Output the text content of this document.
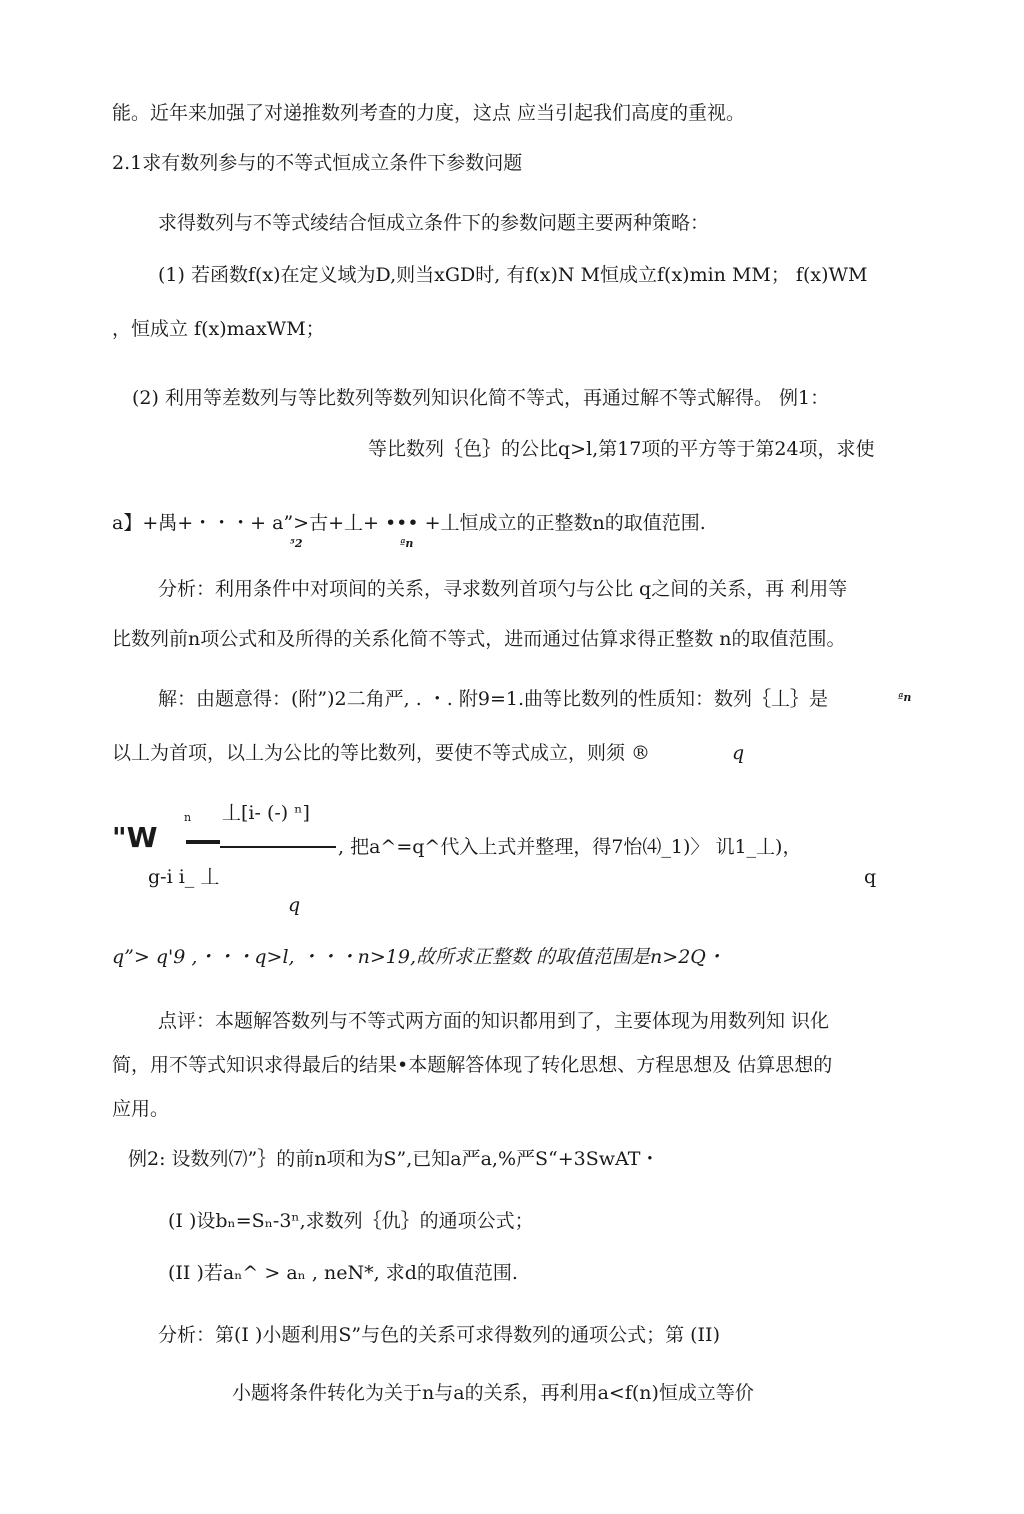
能。近年来加强了对递推数列考查的力度，这点 应当引起我们高度的重视。
2.1求有数列参与的不等式恒成立条件下参数问题
求得数列与不等式绫结合恒成立条件下的参数问题主要两种策略：
(1) 若函数f(x)在定义域为D,则当xGD时, 有f(x)N M恒成立f(x)min MM； f(x)WM
，恒成立 f(x)maxWM；
(2) 利用等差数列与等比数列等数列知识化简不等式，再通过解不等式解得。 例1：
等比数列｛色｝的公比q>l,第17项的平方等于第24项，求使
a】+禺+・・・+ a”>古+丄+ ••• +丄恒成立的正整数n的取值范围.
⁵2	ªn
分析：利用条件中对项间的关系，寻求数列首项勺与公比 q之间的关系，再 利用等
比数列前n项公式和及所得的关系化简不等式，进而通过估算求得正整数 n的取值范围。
解：由题意得：(附”)2二角严, . ・. 附9=1.曲等比数列的性质知：数列｛丄｝是	ªn
以丄为首项，以丄为公比的等比数列，要使不等式成立，则须 ®	q
n 丄[i- (-) ⁿ]
"W	, 把a^=q^代入上式并整理，得7怡⑷_1)〉 讥1_丄)，
g-i i_ 丄	q
q
q”> q'9 ,・・・q>l, ・・・n>19,故所求正整数 的取值范围是n>2Q・
点评：本题解答数列与不等式两方面的知识都用到了，主要体现为用数列知 识化
简，用不等式知识求得最后的结果•本题解答体现了转化思想、方程思想及 估算思想的
应用。
例2: 设数列⑺”｝的前n项和为S”,已知a严a,%严S“+3SwAT・
(I )设bₙ=Sₙ-3ⁿ,求数列｛仇｝的通项公式；
(II )若aₙ^ > aₙ , neN*, 求d的取值范围.
分析：第(I )小题利用S”与色的关系可求得数列的通项公式；第 (II)
小题将条件转化为关于n与a的关系，再利用a<f(n)恒成立等价
